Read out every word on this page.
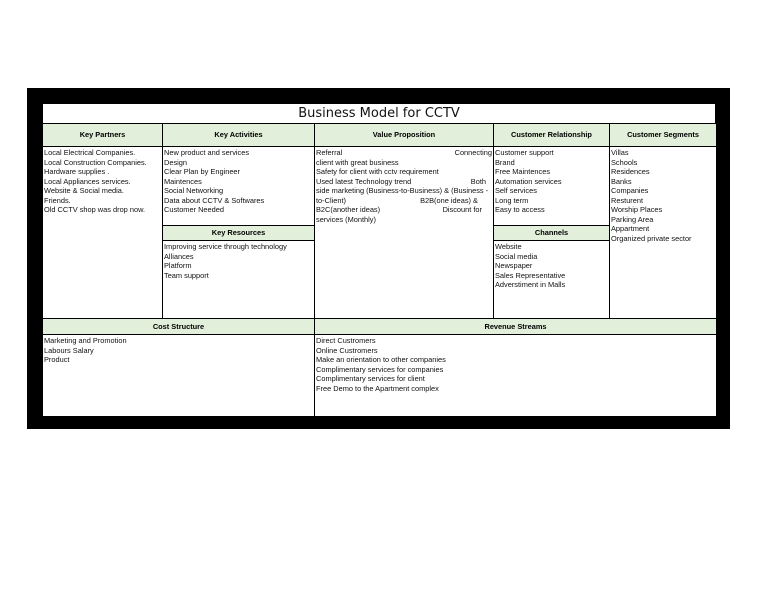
Business Model for CCTV
Key Partners	Key Activities	Value Proposition	Customer Relationship	Customer Segments
Local Electrical Companies.
Local Construction Companies.
Hardware supplies .
Local Appliances services.
Website & Social media.
Friends.
Old CCTV shop was drop now.
New product and services
Design
Clear Plan by Engineer
Maintences
Social Networking
Data about CCTV & Softwares
Customer Needed
Key Resources
Improving service through technology
Alliances
Platform
Team support
Referral	Connecting
client with great business
Safety for client with cctv requirement
Used latest Technology trend	Both
side marketing (Business-to-Business) & (Business -
to-Client)	B2B(one ideas) &
B2C(another ideas)	Discount for
services (Monthly)
Customer support
Brand
Free Maintences
Automation services
Self services
Long term
Easy to access
Channels
Website
Social media
Newspaper
Sales Representative
Adverstiment in Malls
Villas
Schools
Residences
Banks
Companies
Resturent
Worship Places
Parking Area
Appartment
Organized private sector
Cost Structure	Revenue Streams
Marketing and Promotion
Labours Salary
Product
Direct Custromers
Online Custromers
Make an orientation to other companies
Complimentary services for companies
Complimentary services for client
Free Demo to the Apartment complex
